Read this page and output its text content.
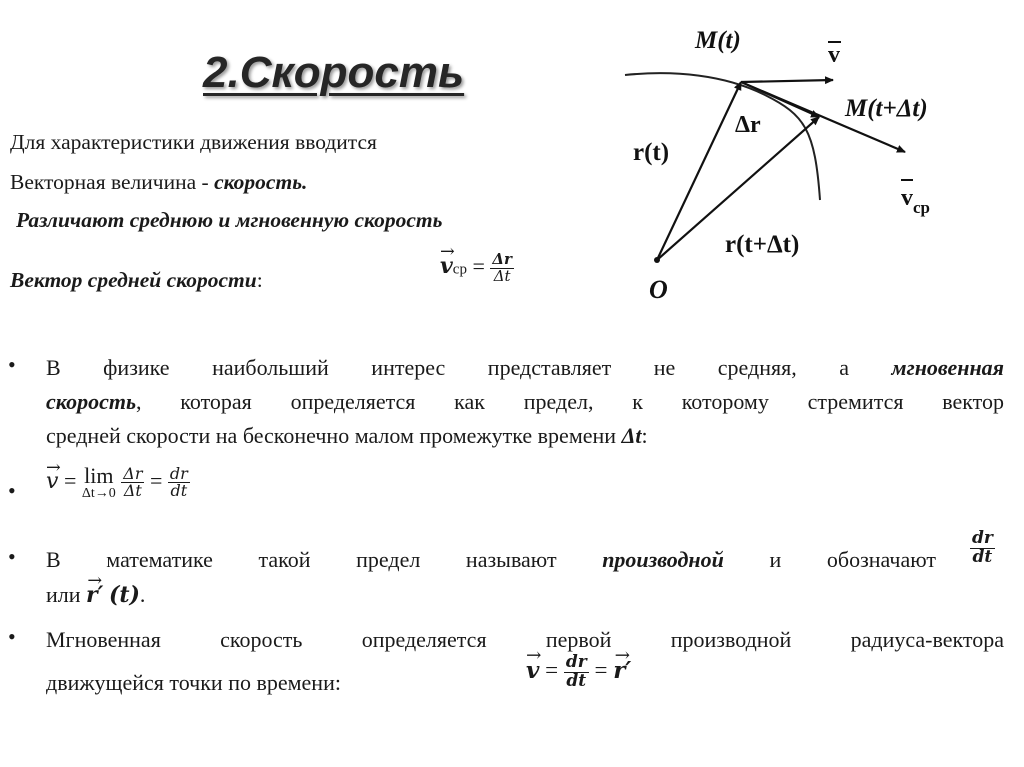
2.Скорость
Для характеристики движения вводится
Векторная величина - скорость.
Различают среднюю и мгновенную скорость
Вектор средней скорости:
→ vср = $\frac{\Delta r}{\Delta t}$
M(t)
v
M(t+Δt)
Δr
r(t)
$v_{ср}$
r(t+Δt)
O
• В физике наибольший интерес представляет не средняя, а мгновенная
скорость, которая определяется как предел, к которому стремится вектор
средней скорости на бесконечно малом промежутке времени Δt:
• → v = lim
Δt→0
$\frac{\Delta r}{\Delta t} = \frac{dr}{dt}$
• В математике такой предел называют производной и обозначают $\frac{dr}{dt}$
или → r′ (t).
• Мгновенная скорость определяется первой производной радиуса-вектора
движущейся точки по времени:	→ $v = \frac{dr}{dt}$ = → r′
